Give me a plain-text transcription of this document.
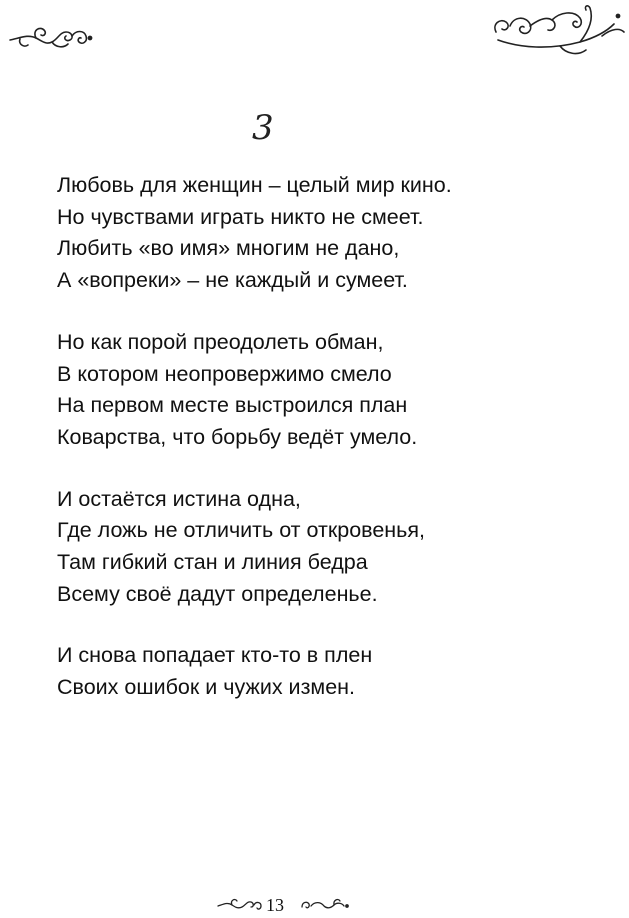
3
Любовь для женщин – целый мир кино.
Но чувствами играть никто не смеет.
Любить «во имя» многим не дано,
А «вопреки» – не каждый и сумеет.
Но как порой преодолеть обман,
В котором неопровержимо смело
На первом месте выстроился план
Коварства, что борьбу ведёт умело.
И остаётся истина одна,
Где ложь не отличить от откровенья,
Там гибкий стан и линия бедра
Всему своё дадут определенье.
И снова попадает кто-то в плен
Своих ошибок и чужих измен.
13
